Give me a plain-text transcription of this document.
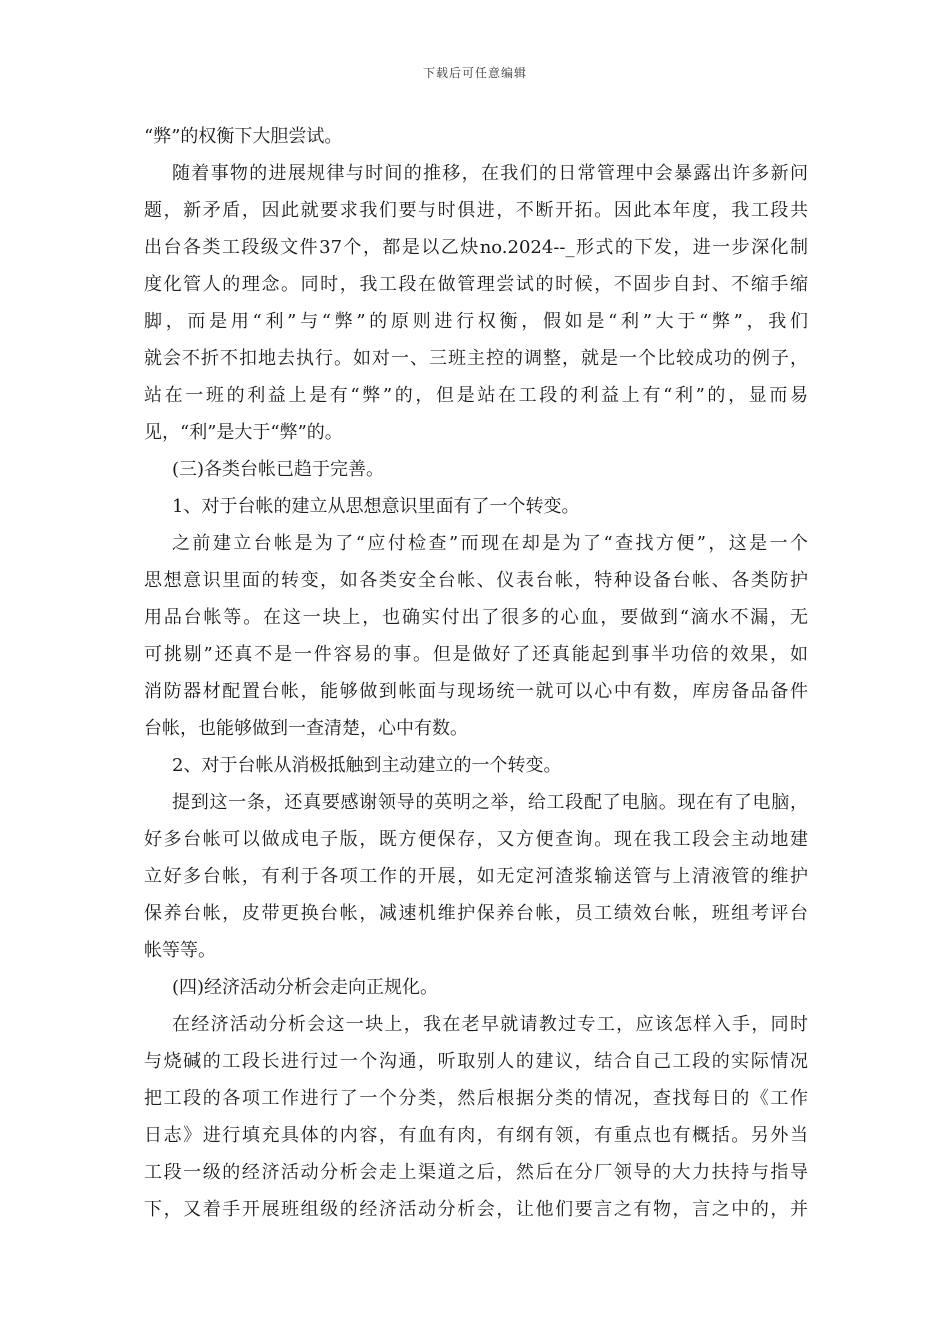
下载后可任意编辑
“弊”的权衡下大胆尝试。
随着事物的进展规律与时间的推移，在我们的日常管理中会暴露出许多新问
题，新矛盾，因此就要求我们要与时俱进，不断开拓。因此本年度，我工段共
出台各类工段级文件37个，都是以乙炔no.2024--_形式的下发，进一步深化制
度化管人的理念。同时，我工段在做管理尝试的时候，不固步自封、不缩手缩
脚，而是用“利”与“弊”的原则进行权衡，假如是“利”大于“弊”，我们
就会不折不扣地去执行。如对一、三班主控的调整，就是一个比较成功的例子，
站在一班的利益上是有“弊”的，但是站在工段的利益上有“利”的，显而易
见，“利”是大于“弊”的。
(三)各类台帐已趋于完善。
1、对于台帐的建立从思想意识里面有了一个转变。
之前建立台帐是为了“应付检查”而现在却是为了“查找方便”，这是一个
思想意识里面的转变，如各类安全台帐、仪表台帐，特种设备台帐、各类防护
用品台帐等。在这一块上，也确实付出了很多的心血，要做到“滴水不漏，无
可挑剔”还真不是一件容易的事。但是做好了还真能起到事半功倍的效果，如
消防器材配置台帐，能够做到帐面与现场统一就可以心中有数，库房备品备件
台帐，也能够做到一查清楚，心中有数。
2、对于台帐从消极抵触到主动建立的一个转变。
提到这一条，还真要感谢领导的英明之举，给工段配了电脑。现在有了电脑，
好多台帐可以做成电子版，既方便保存，又方便查询。现在我工段会主动地建
立好多台帐，有利于各项工作的开展，如无定河渣浆输送管与上清液管的维护
保养台帐，皮带更换台帐，减速机维护保养台帐，员工绩效台帐，班组考评台
帐等等。
(四)经济活动分析会走向正规化。
在经济活动分析会这一块上，我在老早就请教过专工，应该怎样入手，同时
与烧碱的工段长进行过一个沟通，听取别人的建议，结合自己工段的实际情况
把工段的各项工作进行了一个分类，然后根据分类的情况，查找每日的《工作
日志》进行填充具体的内容，有血有肉，有纲有领，有重点也有概括。另外当
工段一级的经济活动分析会走上渠道之后，然后在分厂领导的大力扶持与指导
下，又着手开展班组级的经济活动分析会，让他们要言之有物，言之中的，并
